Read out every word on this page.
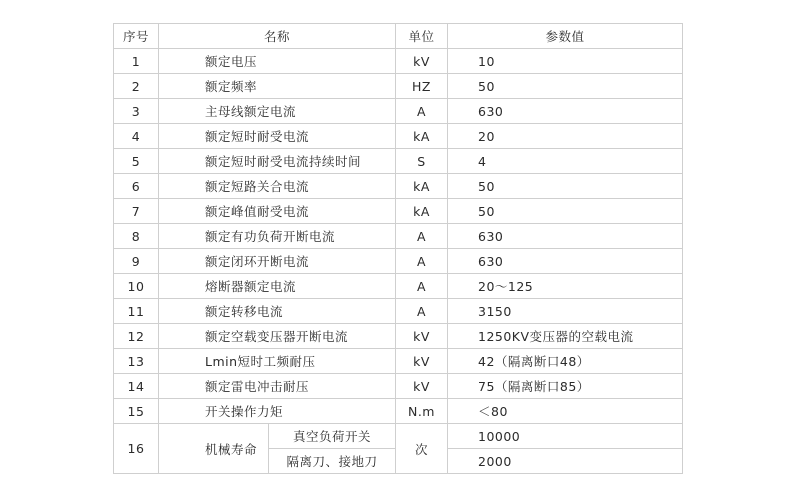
序号	名称		单位	参数值
1	额定电压		kV	10
2	额定频率		HZ	50
3	主母线额定电流		A	630
4	额定短时耐受电流		kA	20
5	额定短时耐受电流持续时间		S	4
6	额定短路关合电流		kA	50
7	额定峰值耐受电流		kA	50
8	额定有功负荷开断电流		A	630
9	额定闭环开断电流		A	630
10	熔断器额定电流		A	20～125
11	额定转移电流		A	3150
12	额定空载变压器开断电流		kV	1250KV变压器的空载电流
13	Lmin短时工频耐压		kV	42（隔离断口48）
14	额定雷电冲击耐压		kV	75（隔离断口85）
15	开关操作力矩		N.m	＜80
16	机械寿命	真空负荷开关	次	10000
		隔离刀、接地刀		2000
